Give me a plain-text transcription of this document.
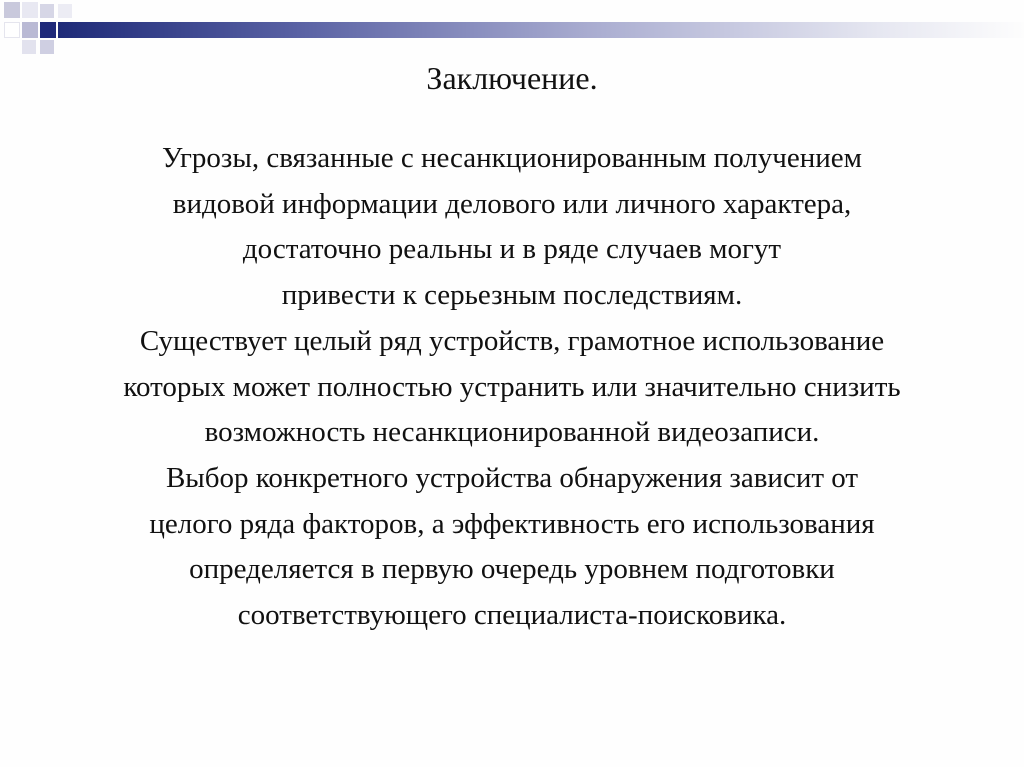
Заключение.
Угрозы, связанные с несанкционированным получением
видовой информации делового или личного характера,
достаточно реальны и в ряде случаев могут
привести к серьезным последствиям.
Существует целый ряд устройств, грамотное использование
которых может полностью устранить или значительно снизить
возможность несанкционированной видеозаписи.
Выбор конкретного устройства обнаружения зависит от
целого ряда факторов, а эффективность его использования
определяется в первую очередь уровнем подготовки
соответствующего специалиста-поисковика.
